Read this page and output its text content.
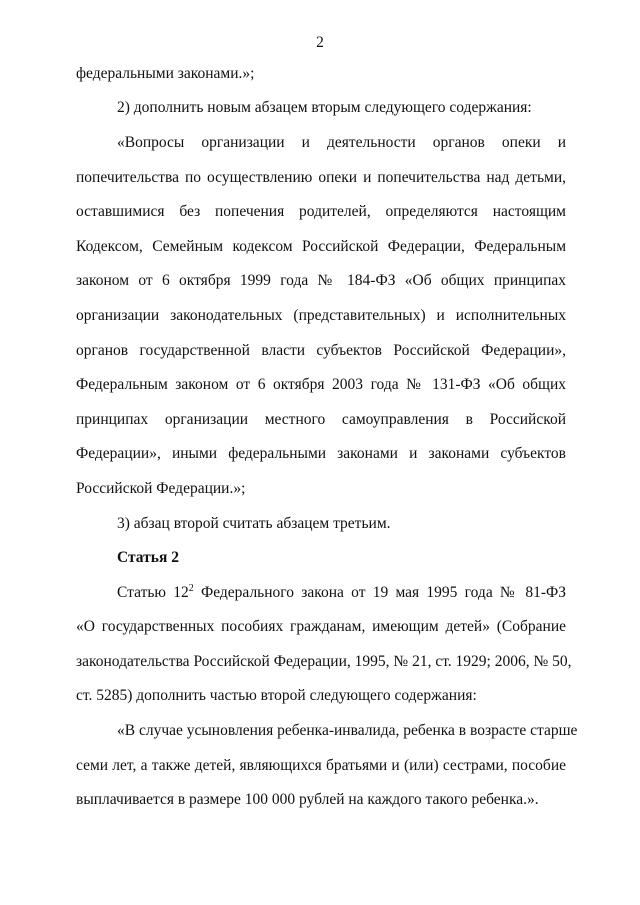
2
федеральными законами.»;
2) дополнить новым абзацем вторым следующего содержания:
«Вопросы организации и деятельности органов опеки и
попечительства по осуществлению опеки и попечительства над детьми,
оставшимися без попечения родителей, определяются настоящим
Кодексом, Семейным кодексом Российской Федерации, Федеральным
законом от 6 октября 1999 года № 184-ФЗ «Об общих принципах
организации законодательных (представительных) и исполнительных
органов государственной власти субъектов Российской Федерации»,
Федеральным законом от 6 октября 2003 года № 131-ФЗ «Об общих
принципах организации местного самоуправления в Российской
Федерации», иными федеральными законами и законами субъектов
Российской Федерации.»;
3) абзац второй считать абзацем третьим.
Статья 2
Статью $12^2$ Федерального закона от 19 мая 1995 года № 81-ФЗ
«О государственных пособиях гражданам, имеющим детей» (Собрание
законодательства Российской Федерации, 1995, № 21, ст. 1929; 2006, № 50,
ст. 5285) дополнить частью второй следующего содержания:
«В случае усыновления ребенка-инвалида, ребенка в возрасте старше
семи лет, а также детей, являющихся братьями и (или) сестрами, пособие
выплачивается в размере 100 000 рублей на каждого такого ребенка.».
